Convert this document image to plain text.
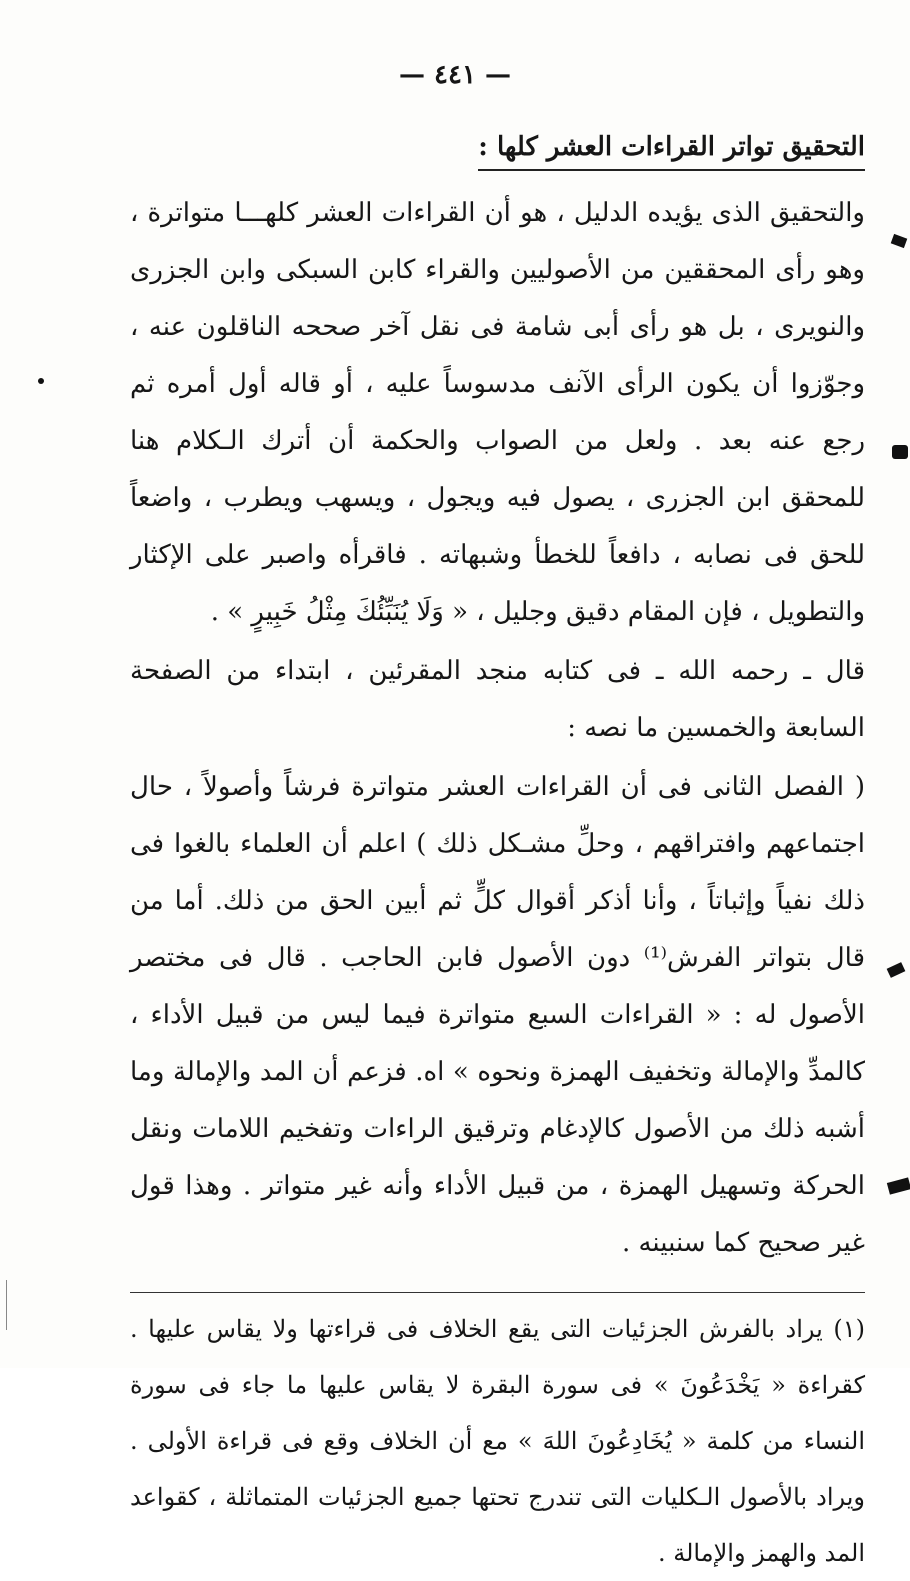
— ٤٤١ —
التحقيق تواتر القراءات العشر كلها :

والتحقيق الذى يؤيده الدليل ، هو أن القراءات العشر كلهـــا متواترة ، وهو رأى المحققين من الأصوليين والقراء كابن السبكى وابن الجزرى والنويرى ، بل هو رأى أبى شامة فى نقل آخر صححه الناقلون عنه ، وجوّزوا أن يكون الرأى الآنف مدسوساً عليه ، أو قاله أول أمره ثم رجع عنه بعد . ولعل من الصواب والحكمة أن أترك الـكلام هنا للمحقق ابن الجزرى ، يصول فيه ويجول ، ويسهب ويطرب ، واضعاً للحق فى نصابه ، دافعاً للخطأ وشبهاته . فاقرأه واصبر على الإكثار والتطويل ، فإن المقام دقيق وجليل ، « وَلَا يُنَبِّئُكَ مِثْلُ خَبِيرٍ » .

قال ـ رحمه الله ـ فى كتابه منجد المقرئين ، ابتداء من الصفحة السابعة والخمسين ما نصه :

( الفصل الثانى فى أن القراءات العشر متواترة فرشاً وأصولاً ، حال اجتماعهم وافتراقهم ، وحلِّ مشـكل ذلك ) اعلم أن العلماء بالغوا فى ذلك نفياً وإثباتاً ، وأنا أذكر أقوال كلٍّ ثم أبين الحق من ذلك. أما من قال بتواتر الفرش⁽¹⁾ دون الأصول فابن الحاجب . قال فى مختصر الأصول له : « القراءات السبع متواترة فيما ليس من قبيل الأداء ، كالمدِّ والإمالة وتخفيف الهمزة ونحوه » اه. فزعم أن المد والإمالة وما أشبه ذلك من الأصول كالإدغام وترقيق الراءات وتفخيم اللامات ونقل الحركة وتسهيل الهمزة ، من قبيل الأداء وأنه غير متواتر . وهذا قول غير صحيح كما سنبينه .

(١) يراد بالفرش الجزئيات التى يقع الخلاف فى قراءتها ولا يقاس عليها . كقراءة « يَخْدَعُونَ » فى سورة البقرة لا يقاس عليها ما جاء فى سورة النساء من كلمة « يُخَادِعُونَ اللهَ » مع أن الخلاف وقع فى قراءة الأولى . ويراد بالأصول الـكليات التى تندرج تحتها جميع الجزئيات المتماثلة ، كقواعد المد والهمز والإمالة .
